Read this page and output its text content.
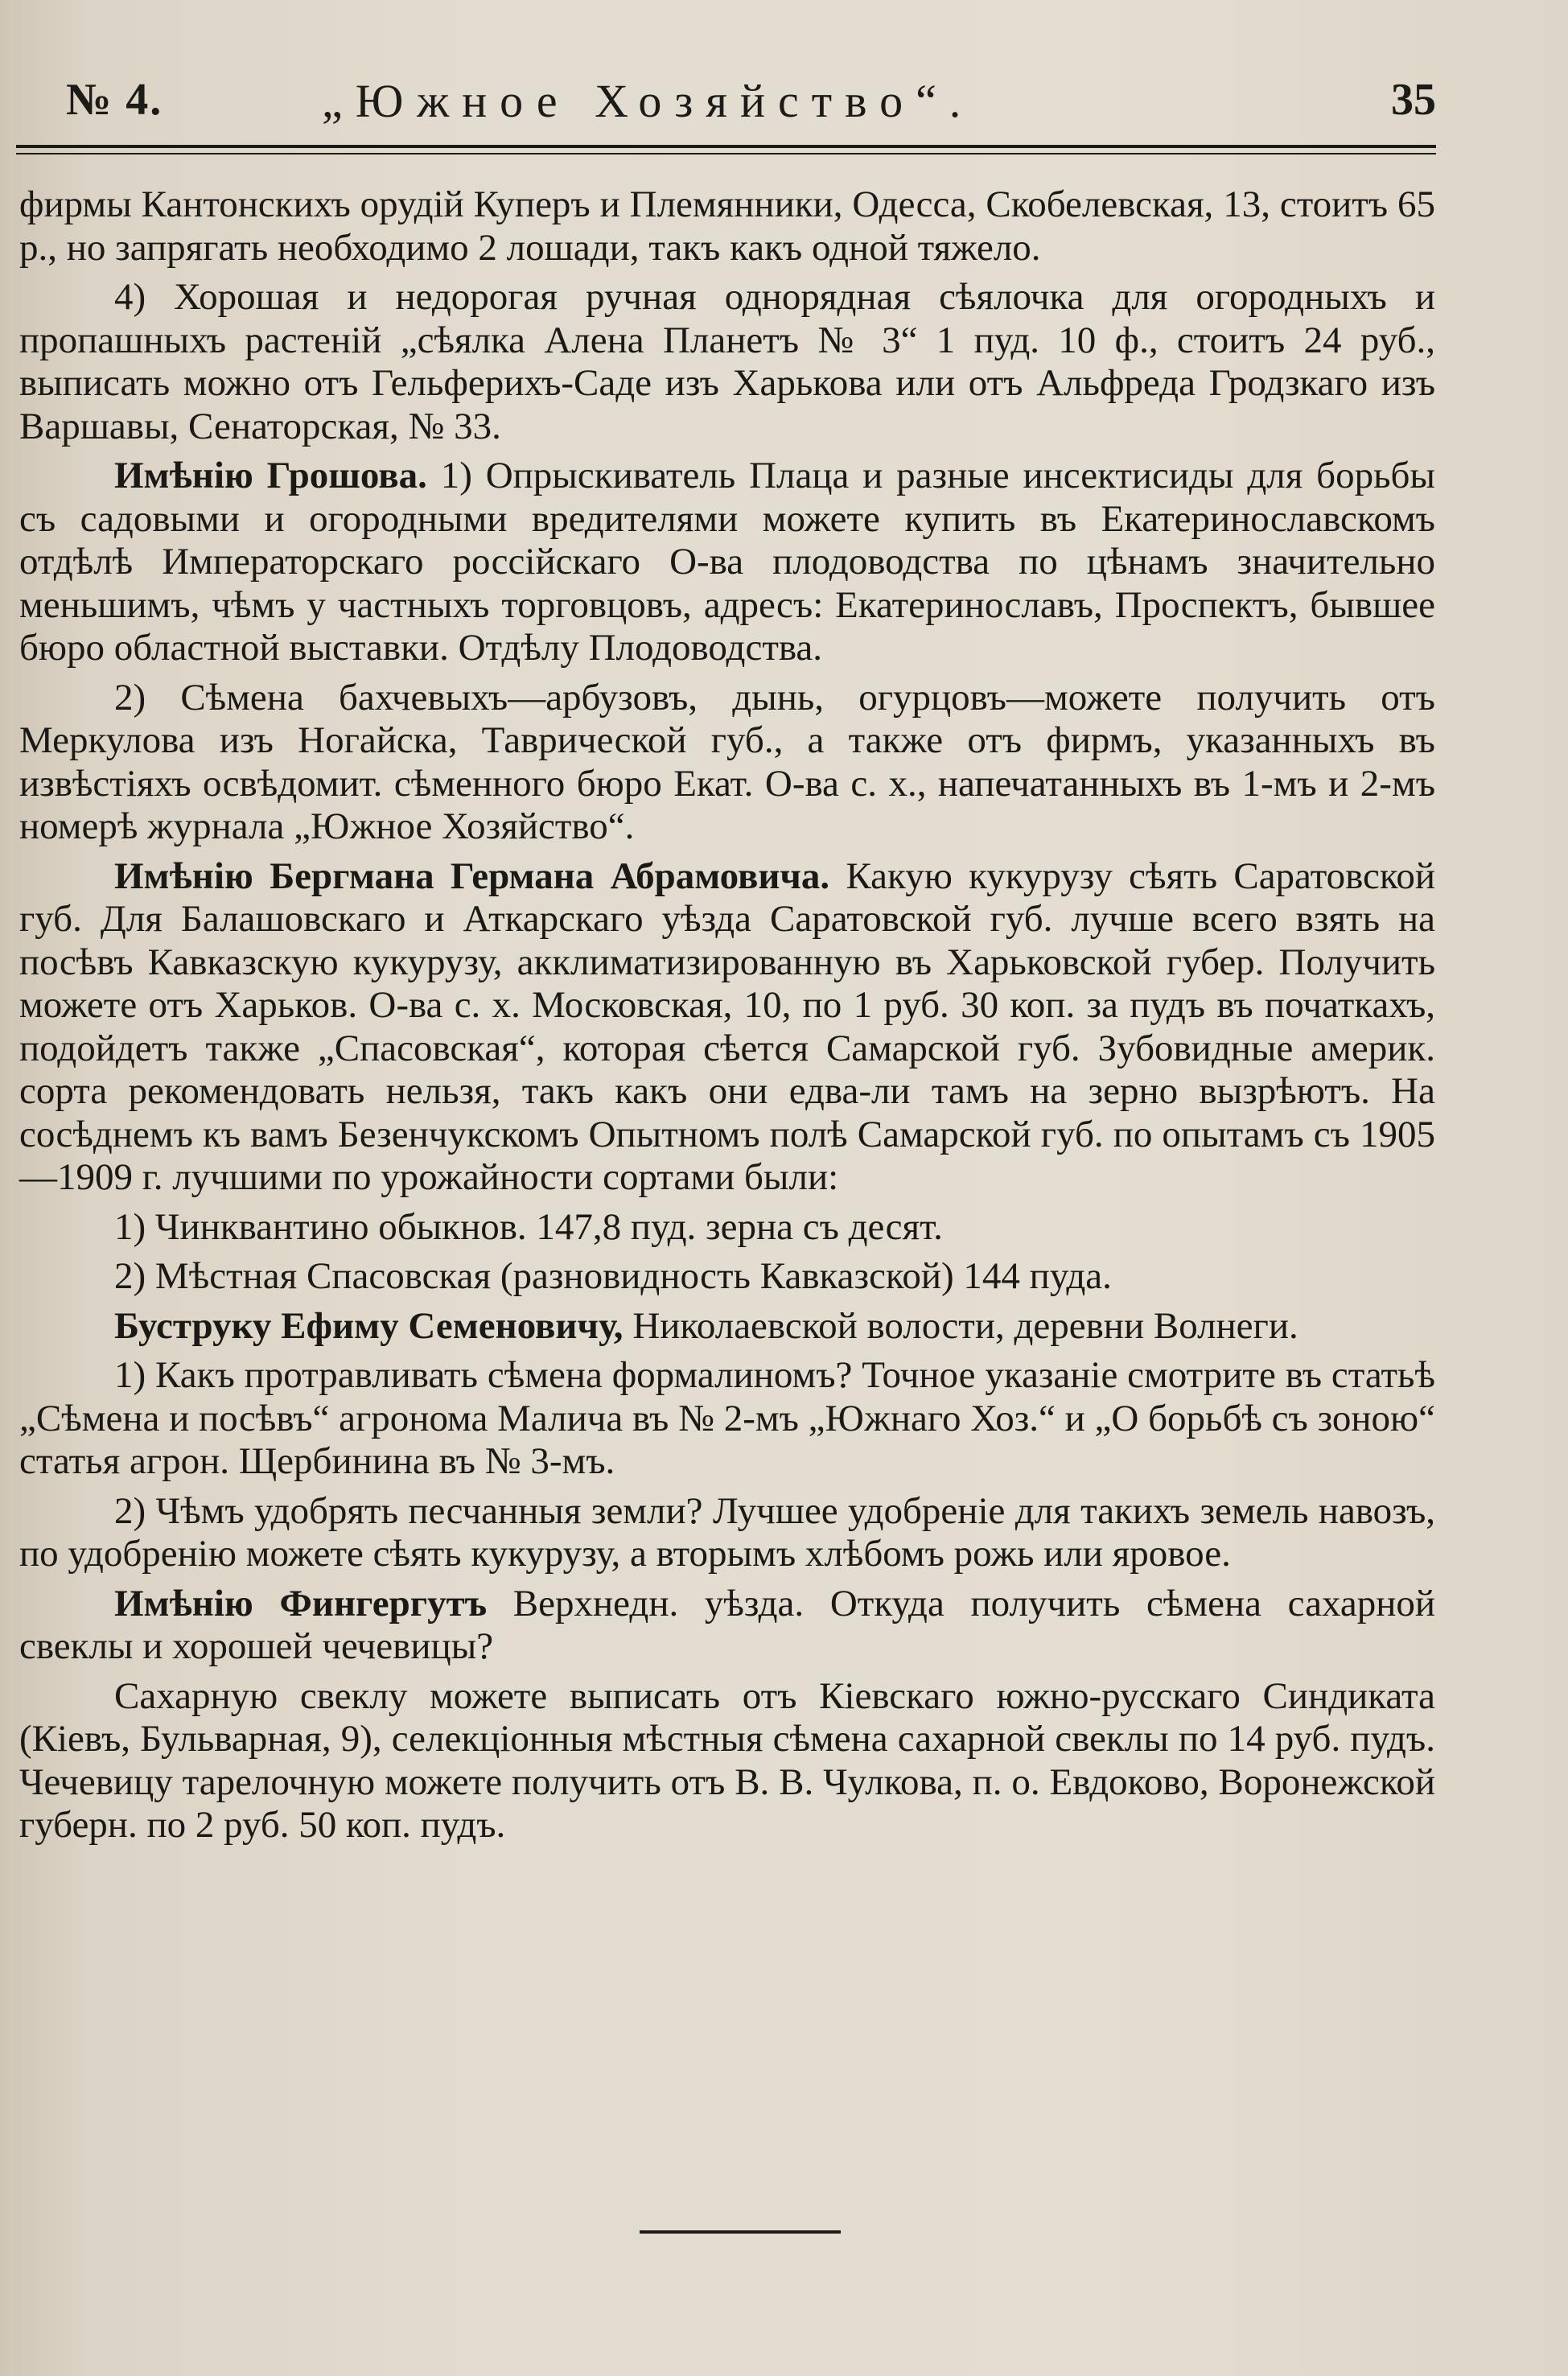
№ 4.	„Южное Хозяйство“.	35

фирмы Кантонскихъ орудій Куперъ и Племянники, Одесса, Скобелевская, 13, стоитъ 65 р., но запрягать необходимо 2 лошади, такъ какъ одной тяжело.

4) Хорошая и недорогая ручная однорядная сѣялочка для огородныхъ и пропашныхъ растеній „сѣялка Алена Планетъ № 3“ 1 пуд. 10 ф., стоитъ 24 руб., выписать можно отъ Гельферихъ-Саде изъ Харькова или отъ Альфреда Гродзкаго изъ Варшавы, Сенаторская, № 33.

Имѣнію Грошова. 1) Опрыскиватель Плаца и разные инсектисиды для борьбы съ садовыми и огородными вредителями можете купить въ Екатеринославскомъ отдѣлѣ Императорскаго россійскаго О-ва плодоводства по цѣнамъ значительно меньшимъ, чѣмъ у частныхъ торговцовъ, адресъ: Екатеринославъ, Проспектъ, бывшее бюро областной выставки. Отдѣлу Плодоводства.

2) Сѣмена бахчевыхъ—арбузовъ, дынь, огурцовъ—можете получить отъ Меркулова изъ Ногайска, Таврической губ., а также отъ фирмъ, указанныхъ въ извѣстіяхъ освѣдомит. сѣменного бюро Екат. О-ва с. х., напечатанныхъ въ 1-мъ и 2-мъ номерѣ журнала „Южное Хозяйство“.

Имѣнію Бергмана Германа Абрамовича. Какую кукурузу сѣять Саратовской губ. Для Балашовскаго и Аткарскаго уѣзда Саратовской губ. лучше всего взять на посѣвъ Кавказскую кукурузу, акклиматизированную въ Харьковской губер. Получить можете отъ Харьков. О-ва с. х. Московская, 10, по 1 руб. 30 коп. за пудъ въ початкахъ, подойдетъ также „Спасовская“, которая сѣется Самарской губ. Зубовидные америк. сорта рекомендовать нельзя, такъ какъ они едва-ли тамъ на зерно вызрѣютъ. На сосѣднемъ къ вамъ Безенчукскомъ Опытномъ полѣ Самарской губ. по опытамъ съ 1905—1909 г. лучшими по урожайности сортами были:

1) Чинквантино обыкнов. 147,8 пуд. зерна съ десят.

2) Мѣстная Спасовская (разновидность Кавказской) 144 пуда.

Буструку Ефиму Семеновичу, Николаевской волости, деревни Волнеги.

1) Какъ протравливать сѣмена формалиномъ? Точное указаніе смотрите въ статьѣ „Сѣмена и посѣвъ“ агронома Малича въ № 2-мъ „Южнаго Хоз.“ и „О борьбѣ съ зоною“ статья агрон. Щербинина въ № 3-мъ.

2) Чѣмъ удобрять песчанныя земли? Лучшее удобреніе для такихъ земель навозъ, по удобренію можете сѣять кукурузу, а вторымъ хлѣбомъ рожь или яровое.

Имѣнію Фингергутъ Верхнедн. уѣзда. Откуда получить сѣмена сахарной свеклы и хорошей чечевицы?

Сахарную свеклу можете выписать отъ Кіевскаго южно-русскаго Синдиката (Кіевъ, Бульварная, 9), селекціонныя мѣстныя сѣмена сахарной свеклы по 14 руб. пудъ. Чечевицу тарелочную можете получить отъ В. В. Чулкова, п. о. Евдоково, Воронежской губерн. по 2 руб. 50 коп. пудъ.
